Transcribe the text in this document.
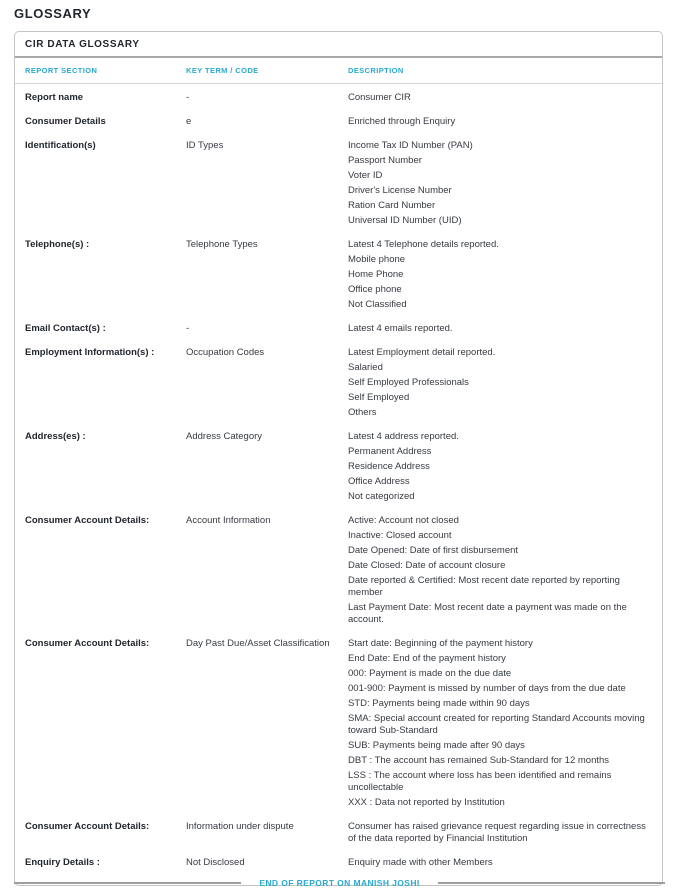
GLOSSARY
CIR DATA GLOSSARY
REPORT SECTION	KEY TERM / CODE	DESCRIPTION
Report name	-	Consumer CIR
Consumer Details	e	Enriched through Enquiry
Identification(s)	ID Types	Income Tax ID Number (PAN)
Passport Number
Voter ID
Driver's License Number
Ration Card Number
Universal ID Number (UID)
Telephone(s) :	Telephone Types	Latest 4 Telephone details reported.
Mobile phone
Home Phone
Office phone
Not Classified
Email Contact(s) :	-	Latest 4 emails reported.
Employment Information(s) :	Occupation Codes	Latest Employment detail reported.
Salaried
Self Employed Professionals
Self Employed
Others
Address(es) :	Address Category	Latest 4 address reported.
Permanent Address
Residence Address
Office Address
Not categorized
Consumer Account Details:	Account Information	Active: Account not closed
Inactive: Closed account
Date Opened: Date of first disbursement
Date Closed: Date of account closure
Date reported & Certified: Most recent date reported by reporting member
Last Payment Date: Most recent date a payment was made on the account.
Consumer Account Details:	Day Past Due/Asset Classification	Start date: Beginning of the payment history
End Date: End of the payment history
000: Payment is made on the due date
001-900: Payment is missed by number of days from the due date
STD: Payments being made within 90 days
SMA: Special account created for reporting Standard Accounts moving toward Sub-Standard
SUB: Payments being made after 90 days
DBT : The account has remained Sub-Standard for 12 months
LSS : The account where loss has been identified and remains uncollectable
XXX : Data not reported by Institution
Consumer Account Details:	Information under dispute	Consumer has raised grievance request regarding issue in correctness of the data reported by Financial Institution
Enquiry Details :	Not Disclosed	Enquiry made with other Members
END OF REPORT ON MANISH JOSHI
